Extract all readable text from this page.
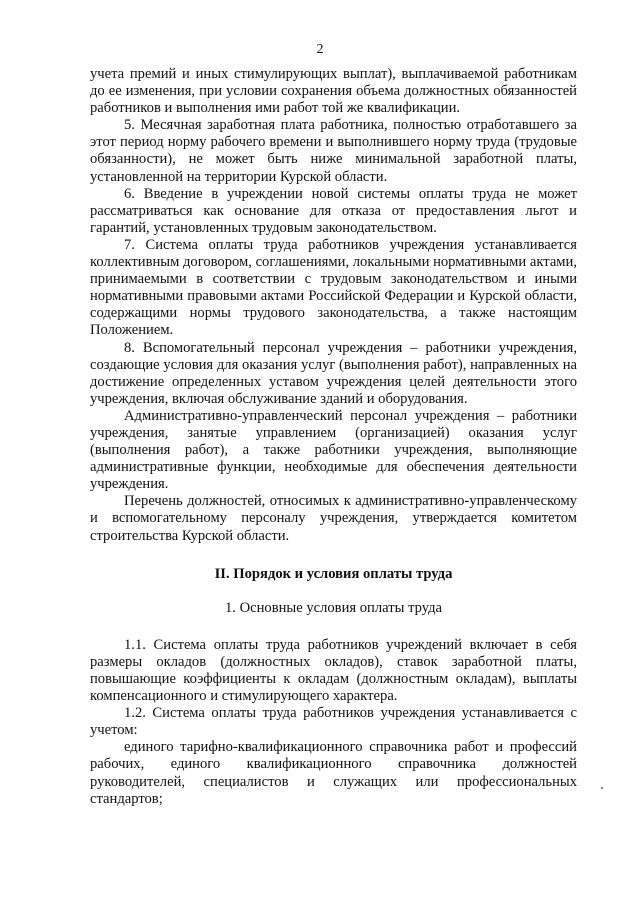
2

учета премий и иных стимулирующих выплат), выплачиваемой работникам до ее изменения, при условии сохранения объема должностных обязанностей работников и выполнения ими работ той же квалификации.

5. Месячная заработная плата работника, полностью отработавшего за этот период норму рабочего времени и выполнившего норму труда (трудовые обязанности), не может быть ниже минимальной заработной платы, установленной на территории Курской области.

6. Введение в учреждении новой системы оплаты труда не может рассматриваться как основание для отказа от предоставления льгот и гарантий, установленных трудовым законодательством.

7. Система оплаты труда работников учреждения устанавливается коллективным договором, соглашениями, локальными нормативными актами, принимаемыми в соответствии с трудовым законодательством и иными нормативными правовыми актами Российской Федерации и Курской области, содержащими нормы трудового законодательства, а также настоящим Положением.

8. Вспомогательный персонал учреждения – работники учреждения, создающие условия для оказания услуг (выполнения работ), направленных на достижение определенных уставом учреждения целей деятельности этого учреждения, включая обслуживание зданий и оборудования.

Административно-управленческий персонал учреждения – работники учреждения, занятые управлением (организацией) оказания услуг (выполнения работ), а также работники учреждения, выполняющие административные функции, необходимые для обеспечения деятельности учреждения.

Перечень должностей, относимых к административно-управленческому и вспомогательному персоналу учреждения, утверждается комитетом строительства Курской области.

II. Порядок и условия оплаты труда

1. Основные условия оплаты труда

1.1. Система оплаты труда работников учреждений включает в себя размеры окладов (должностных окладов), ставок заработной платы, повышающие коэффициенты к окладам (должностным окладам), выплаты компенсационного и стимулирующего характера.

1.2. Система оплаты труда работников учреждения устанавливается с учетом:

единого тарифно-квалификационного справочника работ и профессий рабочих, единого квалификационного справочника должностей руководителей, специалистов и служащих или профессиональных стандартов;
